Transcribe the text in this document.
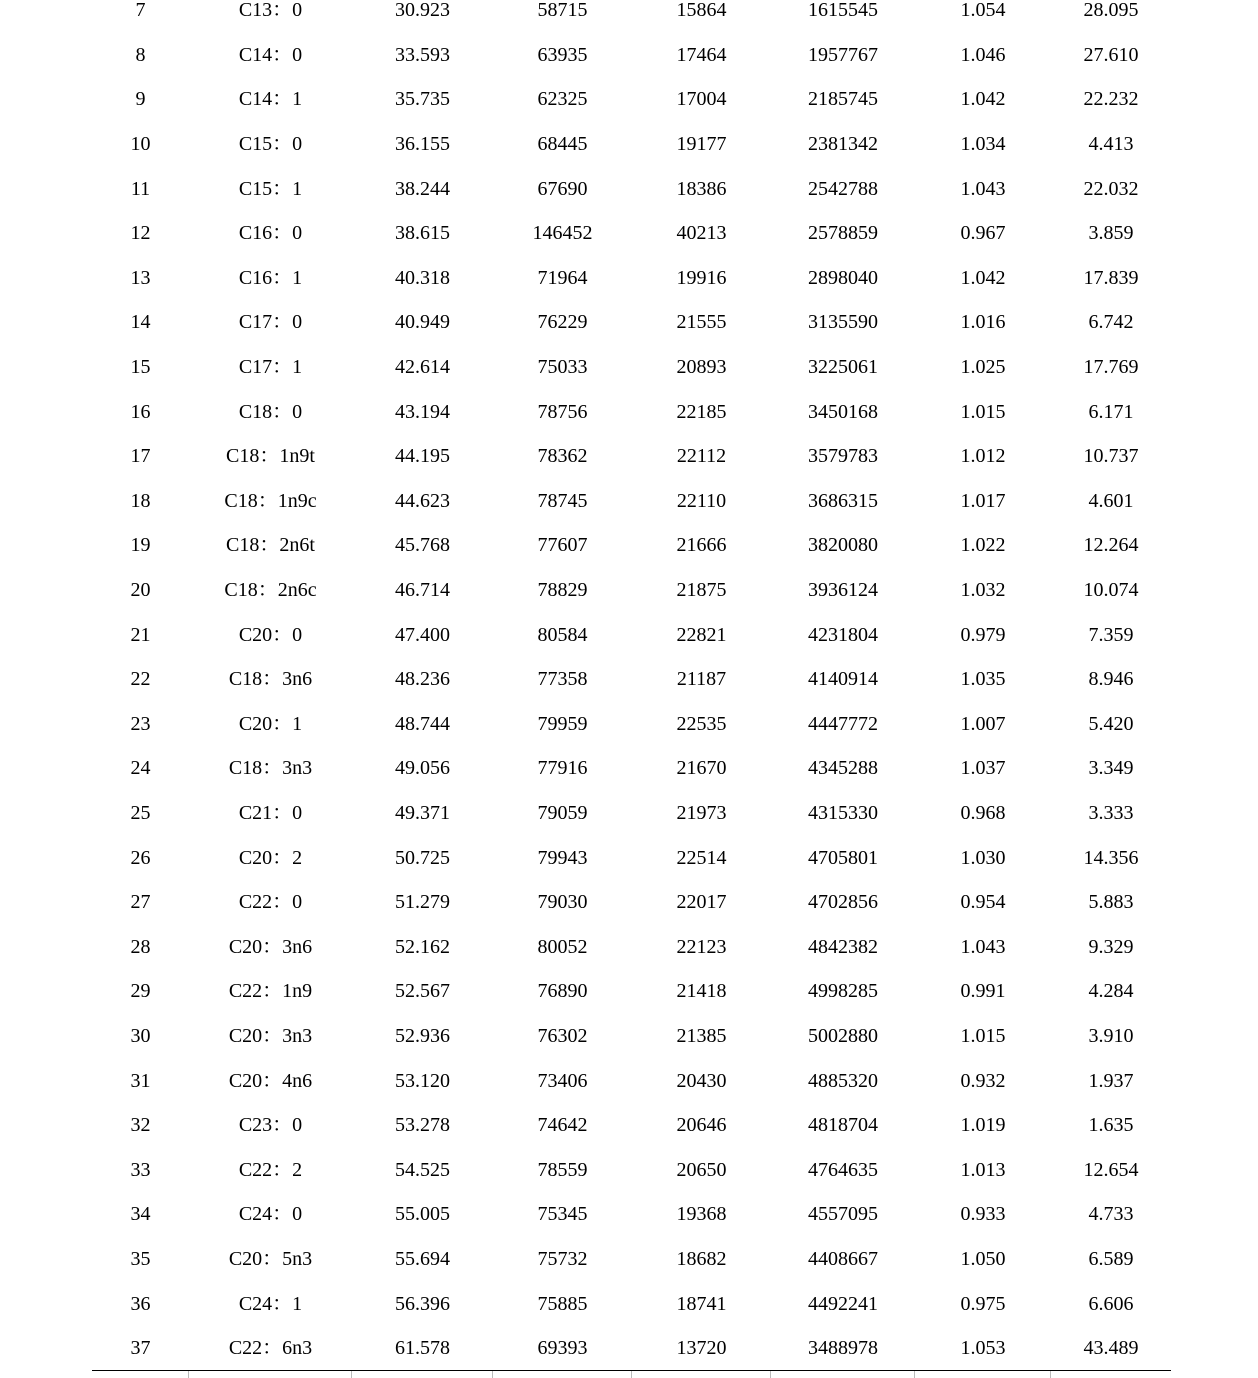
7	C13：0	30.923	58715	15864	1615545	1.054	28.095
8	C14：0	33.593	63935	17464	1957767	1.046	27.610
9	C14：1	35.735	62325	17004	2185745	1.042	22.232
10	C15：0	36.155	68445	19177	2381342	1.034	4.413
11	C15：1	38.244	67690	18386	2542788	1.043	22.032
12	C16：0	38.615	146452	40213	2578859	0.967	3.859
13	C16：1	40.318	71964	19916	2898040	1.042	17.839
14	C17：0	40.949	76229	21555	3135590	1.016	6.742
15	C17：1	42.614	75033	20893	3225061	1.025	17.769
16	C18：0	43.194	78756	22185	3450168	1.015	6.171
17	C18：1n9t	44.195	78362	22112	3579783	1.012	10.737
18	C18：1n9c	44.623	78745	22110	3686315	1.017	4.601
19	C18：2n6t	45.768	77607	21666	3820080	1.022	12.264
20	C18：2n6c	46.714	78829	21875	3936124	1.032	10.074
21	C20：0	47.400	80584	22821	4231804	0.979	7.359
22	C18：3n6	48.236	77358	21187	4140914	1.035	8.946
23	C20：1	48.744	79959	22535	4447772	1.007	5.420
24	C18：3n3	49.056	77916	21670	4345288	1.037	3.349
25	C21：0	49.371	79059	21973	4315330	0.968	3.333
26	C20：2	50.725	79943	22514	4705801	1.030	14.356
27	C22：0	51.279	79030	22017	4702856	0.954	5.883
28	C20：3n6	52.162	80052	22123	4842382	1.043	9.329
29	C22：1n9	52.567	76890	21418	4998285	0.991	4.284
30	C20：3n3	52.936	76302	21385	5002880	1.015	3.910
31	C20：4n6	53.120	73406	20430	4885320	0.932	1.937
32	C23：0	53.278	74642	20646	4818704	1.019	1.635
33	C22：2	54.525	78559	20650	4764635	1.013	12.654
34	C24：0	55.005	75345	19368	4557095	0.933	4.733
35	C20：5n3	55.694	75732	18682	4408667	1.050	6.589
36	C24：1	56.396	75885	18741	4492241	0.975	6.606
37	C22：6n3	61.578	69393	13720	3488978	1.053	43.489
